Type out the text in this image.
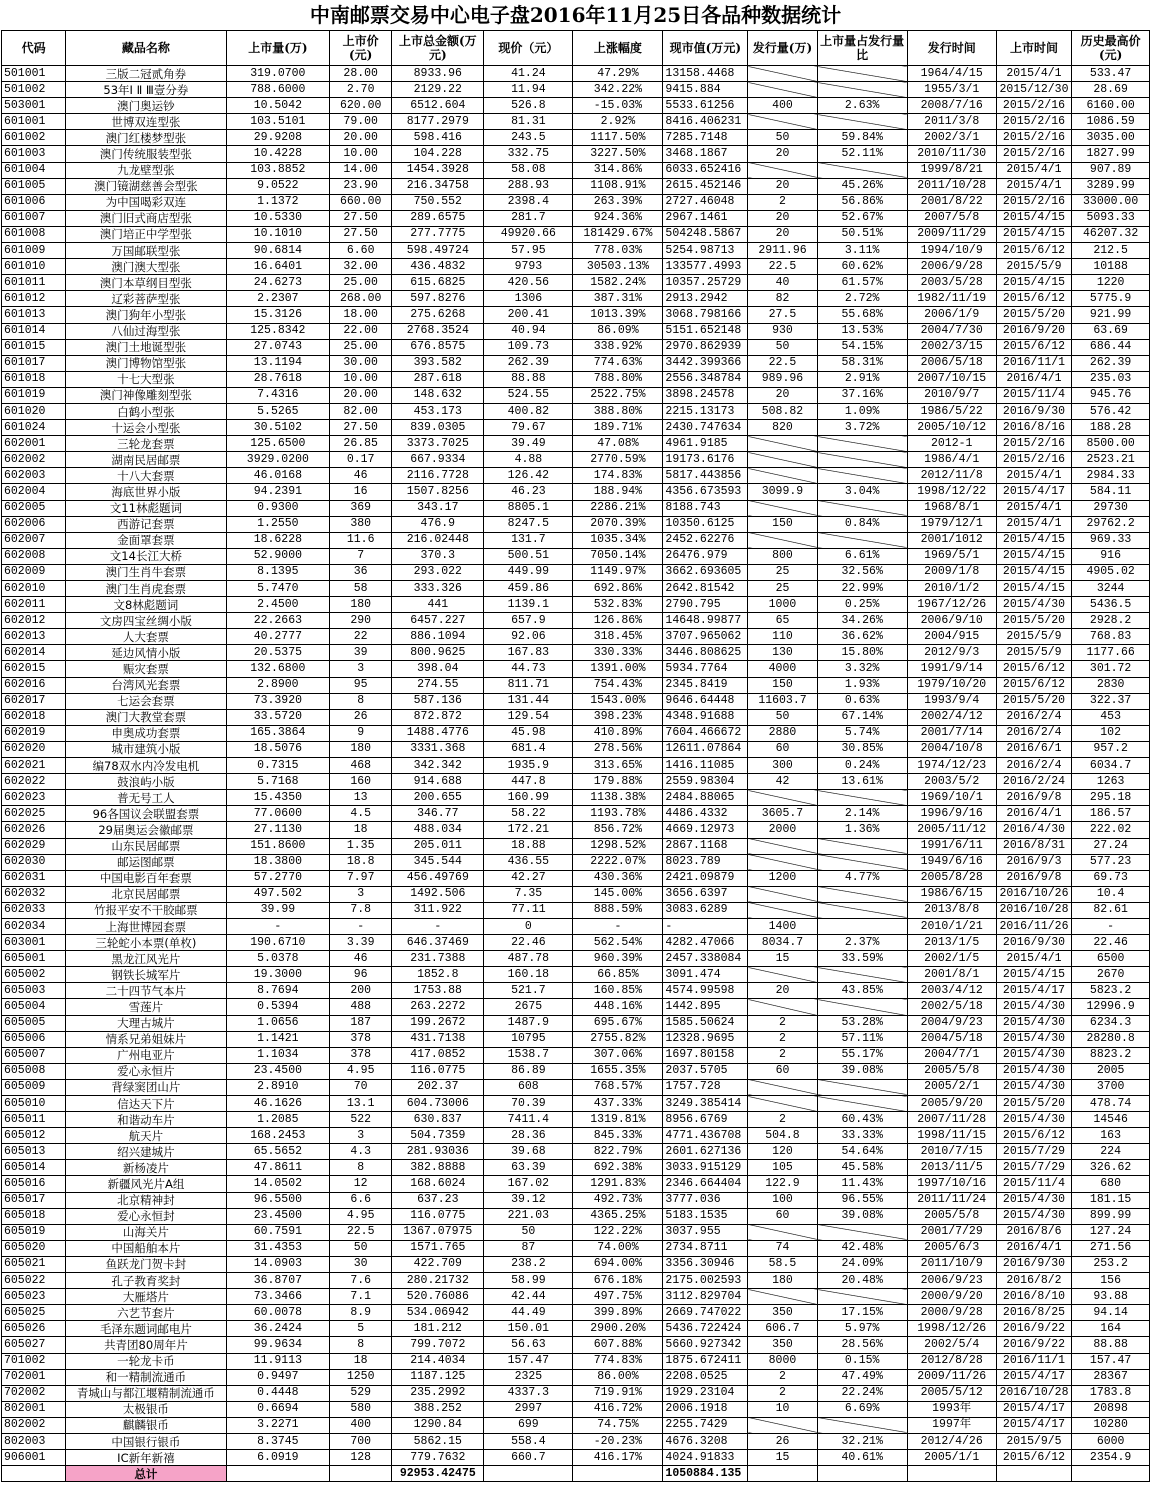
中南邮票交易中心电子盘2016年11月25日各品种数据统计
代码	藏品名称	上市量(万)	上市价(元)	上市总金额(万元)	现价（元）	上涨幅度	现市值(万元)	发行量(万)	上市量占发行量比	发行时间	上市时间	历史最高价(元)
501001	三版二冠贰角券	319.0700	28.00	8933.96	41.24	47.29%	13158.4468			1964/4/15	2015/4/1	533.47
501002	53年Ⅰ Ⅱ Ⅲ壹分券	788.6000	2.70	2129.22	11.94	342.22%	9415.884			1955/3/1	2015/12/30	28.69
503001	澳门奥运钞	10.5042	620.00	6512.604	526.8	-15.03%	5533.61256	400	2.63%	2008/7/16	2015/2/16	6160.00
601001	世博双连型张	103.5101	79.00	8177.2979	81.31	2.92%	8416.406231			2011/3/8	2015/2/16	1086.59
601002	澳门红楼梦型张	29.9208	20.00	598.416	243.5	1117.50%	7285.7148	50	59.84%	2002/3/1	2015/2/16	3035.00
601003	澳门传统服装型张	10.4228	10.00	104.228	332.75	3227.50%	3468.1867	20	52.11%	2010/11/30	2015/2/16	1827.99
601004	九龙壁型张	103.8852	14.00	1454.3928	58.08	314.86%	6033.652416			1999/8/21	2015/4/1	907.89
601005	澳门镜湖慈善会型张	9.0522	23.90	216.34758	288.93	1108.91%	2615.452146	20	45.26%	2011/10/28	2015/4/1	3289.99
601006	为中国喝彩双连	1.1372	660.00	750.552	2398.4	263.39%	2727.46048	2	56.86%	2001/8/22	2015/2/16	33000.00
601007	澳门旧式商店型张	10.5330	27.50	289.6575	281.7	924.36%	2967.1461	20	52.67%	2007/5/8	2015/4/15	5093.33
601008	澳门培正中学型张	10.1010	27.50	277.7775	49920.66	181429.67%	504248.5867	20	50.51%	2009/11/29	2015/4/15	46207.32
601009	万国邮联型张	90.6814	6.60	598.49724	57.95	778.03%	5254.98713	2911.96	3.11%	1994/10/9	2015/6/12	212.5
601010	澳门澳大型张	16.6401	32.00	436.4832	9793	30503.13%	133577.4993	22.5	60.62%	2006/9/28	2015/5/9	10188
601011	澳门本草纲目型张	24.6273	25.00	615.6825	420.56	1582.24%	10357.25729	40	61.57%	2003/5/28	2015/4/15	1220
601012	辽彩菩萨型张	2.2307	268.00	597.8276	1306	387.31%	2913.2942	82	2.72%	1982/11/19	2015/6/12	5775.9
601013	澳门狗年小型张	15.3126	18.00	275.6268	200.41	1013.39%	3068.798166	27.5	55.68%	2006/1/9	2015/5/20	921.99
601014	八仙过海型张	125.8342	22.00	2768.3524	40.94	86.09%	5151.652148	930	13.53%	2004/7/30	2016/9/20	63.69
601015	澳门土地诞型张	27.0743	25.00	676.8575	109.73	338.92%	2970.862939	50	54.15%	2002/3/15	2015/6/12	686.44
601017	澳门博物馆型张	13.1194	30.00	393.582	262.39	774.63%	3442.399366	22.5	58.31%	2006/5/18	2016/11/1	262.39
601018	十七大型张	28.7618	10.00	287.618	88.88	788.80%	2556.348784	989.96	2.91%	2007/10/15	2016/4/1	235.03
601019	澳门神像雕刻型张	7.4316	20.00	148.632	524.55	2522.75%	3898.24578	20	37.16%	2010/9/7	2015/11/4	945.76
601020	白鹤小型张	5.5265	82.00	453.173	400.82	388.80%	2215.13173	508.82	1.09%	1986/5/22	2016/9/30	576.42
601024	十运会小型张	30.5102	27.50	839.0305	79.67	189.71%	2430.747634	820	3.72%	2005/10/12	2016/8/16	188.28
602001	三轮龙套票	125.6500	26.85	3373.7025	39.49	47.08%	4961.9185			2012-1	2015/2/16	8500.00
602002	湖南民居邮票	3929.0200	0.17	667.9334	4.88	2770.59%	19173.6176			1986/4/1	2015/2/16	2523.21
602003	十八大套票	46.0168	46	2116.7728	126.42	174.83%	5817.443856			2012/11/8	2015/4/1	2984.33
602004	海底世界小版	94.2391	16	1507.8256	46.23	188.94%	4356.673593	3099.9	3.04%	1998/12/22	2015/4/17	584.11
602005	文11林彪题词	0.9300	369	343.17	8805.1	2286.21%	8188.743			1968/8/1	2015/4/1	29730
602006	西游记套票	1.2550	380	476.9	8247.5	2070.39%	10350.6125	150	0.84%	1979/12/1	2015/4/1	29762.2
602007	金面罩套票	18.6228	11.6	216.02448	131.7	1035.34%	2452.62276			2001/1012	2015/4/15	969.33
602008	文14长江大桥	52.9000	7	370.3	500.51	7050.14%	26476.979	800	6.61%	1969/5/1	2015/4/15	916
602009	澳门生肖牛套票	8.1395	36	293.022	449.99	1149.97%	3662.693605	25	32.56%	2009/1/8	2015/4/15	4905.02
602010	澳门生肖虎套票	5.7470	58	333.326	459.86	692.86%	2642.81542	25	22.99%	2010/1/2	2015/4/15	3244
602011	文8林彪题词	2.4500	180	441	1139.1	532.83%	2790.795	1000	0.25%	1967/12/26	2015/4/30	5436.5
602012	文房四宝丝绸小版	22.2663	290	6457.227	657.9	126.86%	14648.99877	65	34.26%	2006/9/10	2015/5/20	2928.2
602013	人大套票	40.2777	22	886.1094	92.06	318.45%	3707.965062	110	36.62%	2004/915	2015/5/9	768.83
602014	延边风情小版	20.5375	39	800.9625	167.83	330.33%	3446.808625	130	15.80%	2012/9/3	2015/5/9	1177.66
602015	赈灾套票	132.6800	3	398.04	44.73	1391.00%	5934.7764	4000	3.32%	1991/9/14	2015/6/12	301.72
602016	台湾风光套票	2.8900	95	274.55	811.71	754.43%	2345.8419	150	1.93%	1979/10/20	2015/6/12	2830
602017	七运会套票	73.3920	8	587.136	131.44	1543.00%	9646.64448	11603.7	0.63%	1993/9/4	2015/5/20	322.37
602018	澳门大教堂套票	33.5720	26	872.872	129.54	398.23%	4348.91688	50	67.14%	2002/4/12	2016/2/4	453
602019	申奥成功套票	165.3864	9	1488.4776	45.98	410.89%	7604.466672	2880	5.74%	2001/7/14	2016/2/4	102
602020	城市建筑小版	18.5076	180	3331.368	681.4	278.56%	12611.07864	60	30.85%	2004/10/8	2016/6/1	957.2
602021	编78双水内冷发电机	0.7315	468	342.342	1935.9	313.65%	1416.11085	300	0.24%	1974/12/23	2016/2/4	6034.7
602022	鼓浪屿小版	5.7168	160	914.688	447.8	179.88%	2559.98304	42	13.61%	2003/5/2	2016/2/24	1263
602023	普无号工人	15.4350	13	200.655	160.99	1138.38%	2484.88065			1969/10/1	2016/9/8	295.18
602025	96各国议会联盟套票	77.0600	4.5	346.77	58.22	1193.78%	4486.4332	3605.7	2.14%	1996/9/16	2016/4/1	186.57
602026	29届奥运会徽邮票	27.1130	18	488.034	172.21	856.72%	4669.12973	2000	1.36%	2005/11/12	2016/4/30	222.02
602029	山东民居邮票	151.8600	1.35	205.011	18.88	1298.52%	2867.1168			1991/6/11	2016/8/31	27.24
602030	邮运图邮票	18.3800	18.8	345.544	436.55	2222.07%	8023.789			1949/6/16	2016/9/3	577.23
602031	中国电影百年套票	57.2770	7.97	456.49769	42.27	430.36%	2421.09879	1200	4.77%	2005/8/28	2016/9/8	69.73
602032	北京民居邮票	497.502	3	1492.506	7.35	145.00%	3656.6397			1986/6/15	2016/10/26	10.4
602033	竹报平安不干胶邮票	39.99	7.8	311.922	77.11	888.59%	3083.6289			2013/8/8	2016/10/28	82.61
602034	上海世博园套票	-	-	-	0	-	-	1400		2010/1/21	2016/11/26	-
603001	三轮蛇小本票(单枚)	190.6710	3.39	646.37469	22.46	562.54%	4282.47066	8034.7	2.37%	2013/1/5	2016/9/30	22.46
605001	黑龙江风光片	5.0378	46	231.7388	487.78	960.39%	2457.338084	15	33.59%	2002/1/5	2015/4/1	6500
605002	钢铁长城军片	19.3000	96	1852.8	160.18	66.85%	3091.474			2001/8/1	2015/4/15	2670
605003	二十四节气本片	8.7694	200	1753.88	521.7	160.85%	4574.99598	20	43.85%	2003/4/12	2015/4/17	5823.2
605004	雪莲片	0.5394	488	263.2272	2675	448.16%	1442.895			2002/5/18	2015/4/30	12996.9
605005	大理古城片	1.0656	187	199.2672	1487.9	695.67%	1585.50624	2	53.28%	2004/9/23	2015/4/30	6234.3
605006	情系兄弟姐妹片	1.1421	378	431.7138	10795	2755.82%	12328.9695	2	57.11%	2004/5/18	2015/4/30	28280.8
605007	广州电亚片	1.1034	378	417.0852	1538.7	307.06%	1697.80158	2	55.17%	2004/7/1	2015/4/30	8823.2
605008	爱心永恒片	23.4500	4.95	116.0775	86.89	1655.35%	2037.5705	60	39.08%	2005/5/8	2015/4/30	2005
605009	背绿窦团山片	2.8910	70	202.37	608	768.57%	1757.728			2005/2/1	2015/4/30	3700
605010	信达天下片	46.1626	13.1	604.73006	70.39	437.33%	3249.385414			2005/9/20	2015/5/20	478.74
605011	和谐动车片	1.2085	522	630.837	7411.4	1319.81%	8956.6769	2	60.43%	2007/11/28	2015/4/30	14546
605012	航天片	168.2453	3	504.7359	28.36	845.33%	4771.436708	504.8	33.33%	1998/11/15	2015/6/12	163
605013	绍兴建城片	65.5652	4.3	281.93036	39.68	822.79%	2601.627136	120	54.64%	2010/7/15	2015/7/29	224
605014	新杨凌片	47.8611	8	382.8888	63.39	692.38%	3033.915129	105	45.58%	2013/11/5	2015/7/29	326.62
605016	新疆风光片A组	14.0502	12	168.6024	167.02	1291.83%	2346.664404	122.9	11.43%	1997/10/16	2015/11/4	680
605017	北京精神封	96.5500	6.6	637.23	39.12	492.73%	3777.036	100	96.55%	2011/11/24	2015/4/30	181.15
605018	爱心永恒封	23.4500	4.95	116.0775	221.03	4365.25%	5183.1535	60	39.08%	2005/5/8	2015/4/30	899.99
605019	山海关片	60.7591	22.5	1367.07975	50	122.22%	3037.955			2001/7/29	2016/8/6	127.24
605020	中国船舶本片	31.4353	50	1571.765	87	74.00%	2734.8711	74	42.48%	2005/6/3	2016/4/1	271.56
605021	鱼跃龙门贺卡封	14.0903	30	422.709	238.2	694.00%	3356.30946	58.5	24.09%	2011/10/9	2016/9/30	253.2
605022	孔子教育奖封	36.8707	7.6	280.21732	58.99	676.18%	2175.002593	180	20.48%	2006/9/23	2016/8/2	156
605023	大雁塔片	73.3466	7.1	520.76086	42.44	497.75%	3112.829704			2000/9/20	2016/8/10	93.88
605025	六艺节套片	60.0078	8.9	534.06942	44.49	399.89%	2669.747022	350	17.15%	2000/9/28	2016/8/25	94.14
605026	毛泽东题词邮电片	36.2424	5	181.212	150.01	2900.20%	5436.722424	606.7	5.97%	1998/12/26	2016/9/22	164
605027	共青团80周年片	99.9634	8	799.7072	56.63	607.88%	5660.927342	350	28.56%	2002/5/4	2016/9/22	88.88
701002	一轮龙卡币	11.9113	18	214.4034	157.47	774.83%	1875.672411	8000	0.15%	2012/8/28	2016/11/1	157.47
702001	和一精制流通币	0.9497	1250	1187.125	2325	86.00%	2208.0525	2	47.49%	2009/11/26	2015/4/17	28367
702002	青城山与都江堰精制流通币	0.4448	529	235.2992	4337.3	719.91%	1929.23104	2	22.24%	2005/5/12	2016/10/28	1783.8
802001	太极银币	0.6694	580	388.252	2997	416.72%	2006.1918	10	6.69%	1993年	2015/4/17	20898
802002	麒麟银币	3.2271	400	1290.84	699	74.75%	2255.7429			1997年	2015/4/17	10280
802003	中国银行银币	8.3745	700	5862.15	558.4	-20.23%	4676.3208	26	32.21%	2012/4/26	2015/9/5	6000
906001	IC新年新禧	6.0919	128	779.7632	660.7	416.17%	4024.91833	15	40.61%	2005/1/1	2015/6/12	2354.9
	总计			92953.42475			1050884.135					
